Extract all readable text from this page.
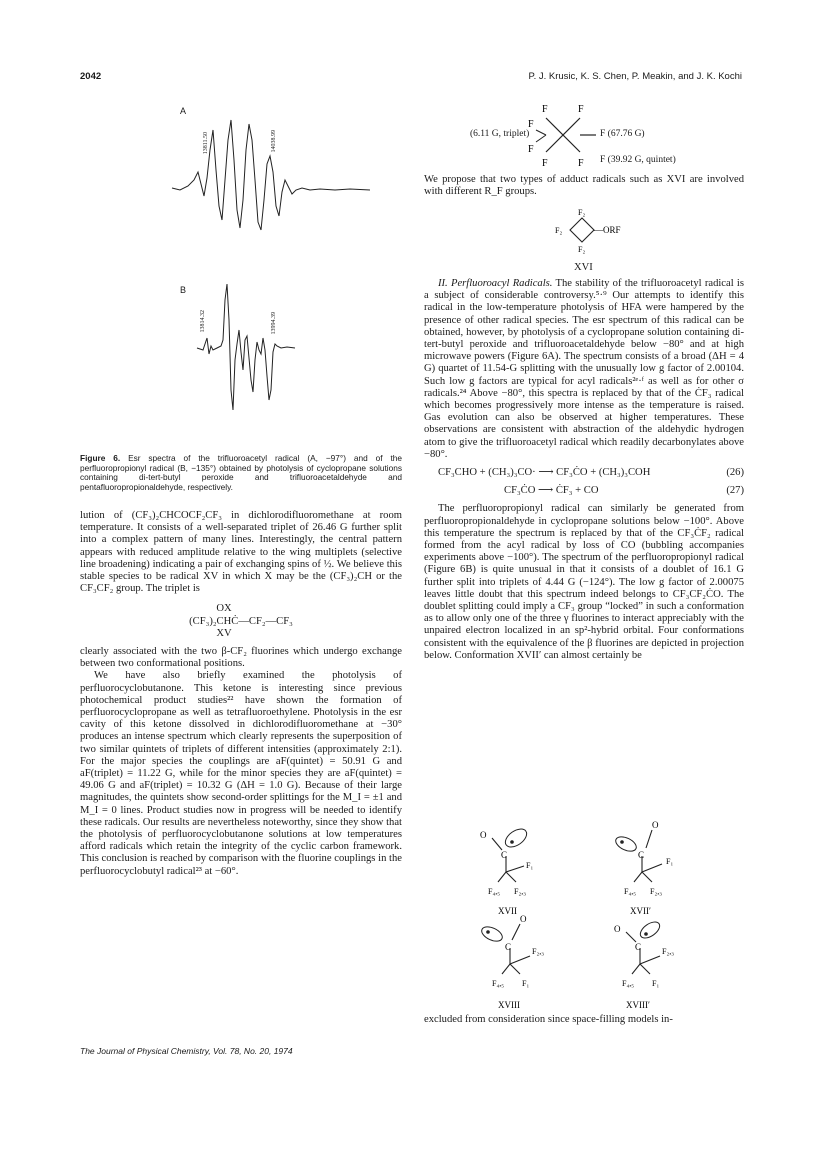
2042	P. J. Krusic, K. S. Chen, P. Meakin, and J. K. Kochi
A
13811.50	14038.99
B
13814.32	13994.39
Figure 6. Esr spectra of the trifluoroacetyl radical (A, −97°) and of the perfluoropropionyl radical (B, −135°) obtained by photolysis of cyclopropane solutions containing di-tert-butyl peroxide and trifluoroacetaldehyde and pentafluoropropionaldehyde, respectively.

lution of (CF₃)₂CHCOCF₂CF₃ in dichlorodifluoromethane at room temperature. It consists of a well-separated triplet of 26.46 G further split into a complex pattern of many lines. Interestingly, the central pattern appears with reduced amplitude relative to the wing multiplets (selective line broadening) indicating a pair of exchanging spins of ½. We believe this stable species to be radical XV in which X may be the (CF₃)₂CH or the CF₃CF₂ group. The triplet is

OX
(CF₃)₂CHĊ—CF₂—CF₃
XV

clearly associated with the two β-CF₂ fluorines which undergo exchange between two conformational positions.

We have also briefly examined the photolysis of perfluorocyclobutanone. This ketone is interesting since previous photochemical product studies²² have shown the formation of perfluorocyclopropane as well as tetrafluoroethylene. Photolysis in the esr cavity of this ketone dissolved in dichlorodifluoromethane at −30° produces an intense spectrum which clearly represents the superposition of two similar quintets of triplets of different intensities (approximately 2:1). For the major species the couplings are aF(quintet) = 50.91 G and aF(triplet) = 11.22 G, while for the minor species they are aF(quintet) = 49.06 G and aF(triplet) = 10.32 G (ΔH = 1.0 G). Because of their large magnitudes, the quintets show second-order splittings for the M_I = ±1 and M_I = 0 lines. Product studies now in progress will be needed to identify these radicals. Our results are nevertheless noteworthy, since they show that the photolysis of perfluorocyclobutanone solutions at low temperatures afford radicals which retain the integrity of the cyclic carbon framework. This conclusion is reached by comparison with the fluorine couplings in the perfluorocyclobutyl radical²³ at −60°.

F	F
F
F
F	F
(6.11 G, triplet)	F (67.76 G)
F (39.92 G, quintet)
We propose that two types of adduct radicals such as XVI are involved with different R_F groups.
F₂
F₂
F₂
—ORF
XVI

II. Perfluoroacyl Radicals. The stability of the trifluoroacetyl radical is a subject of considerable controversy.⁵·⁹ Our attempts to identify this radical in the low-temperature photolysis of HFA were hampered by the presence of other radical species. The esr spectrum of this radical can be obtained, however, by photolysis of a cyclopropane solution containing di-tert-butyl peroxide and trifluoroacetaldehyde below −80° and at high microwave powers (Figure 6A). The spectrum consists of a broad (ΔH = 4 G) quartet of 11.54-G splitting with the unusually low g factor of 2.00104. Such low g factors are typical for acyl radicals²ᵉ·ᶠ as well as for other σ radicals.²⁴ Above −80°, this spectra is replaced by that of the ĊF₃ radical which becomes progressively more intense as the temperature is raised. Gas evolution can also be observed at higher temperatures. These observations are consistent with abstraction of the aldehydic hydrogen atom to give the trifluoroacetyl radical which readily decarbonylates above −80°.

CF₃CHO + (CH₃)₃CO· ⟶ CF₃ĊO + (CH₃)₃COH	(26)
CF₃ĊO ⟶ ĊF₃ + CO	(27)

The perfluoropropionyl radical can similarly be generated from perfluoropropionaldehyde in cyclopropane solutions below −100°. Above this temperature the spectrum is replaced by that of the CF₃ĊF₂ radical formed from the acyl radical by loss of CO (bubbling accompanies experiments above −100°). The spectrum of the perfluoropropionyl radical (Figure 6B) is quite unusual in that it consists of a doublet of 16.1 G further split into triplets of 4.44 G (−124°). The low g factor of 2.00075 leaves little doubt that this spectrum indeed belongs to CF₃CF₂ĊO. The doublet splitting could imply a CF₃ group “locked” in such a conformation as to allow only one of the three γ fluorines to interact appreciably with the unpaired electron localized in an sp²-hybrid orbital. Four conformations consistent with the equivalence of the β fluorines are depicted in projection below. Conformation XVII′ can almost certainly be

O
C
F₁
F₄,₅ F₂,₃
XVII
O
C
F₁
F₄,₅ F₂,₃
XVII′
O
C	F₂,₃
F₄,₅ F₁
XVIII
O
C	F₂,₃
F₄,₅ F₁
XVIII′
excluded from consideration since space-filling models in-
The Journal of Physical Chemistry, Vol. 78, No. 20, 1974
